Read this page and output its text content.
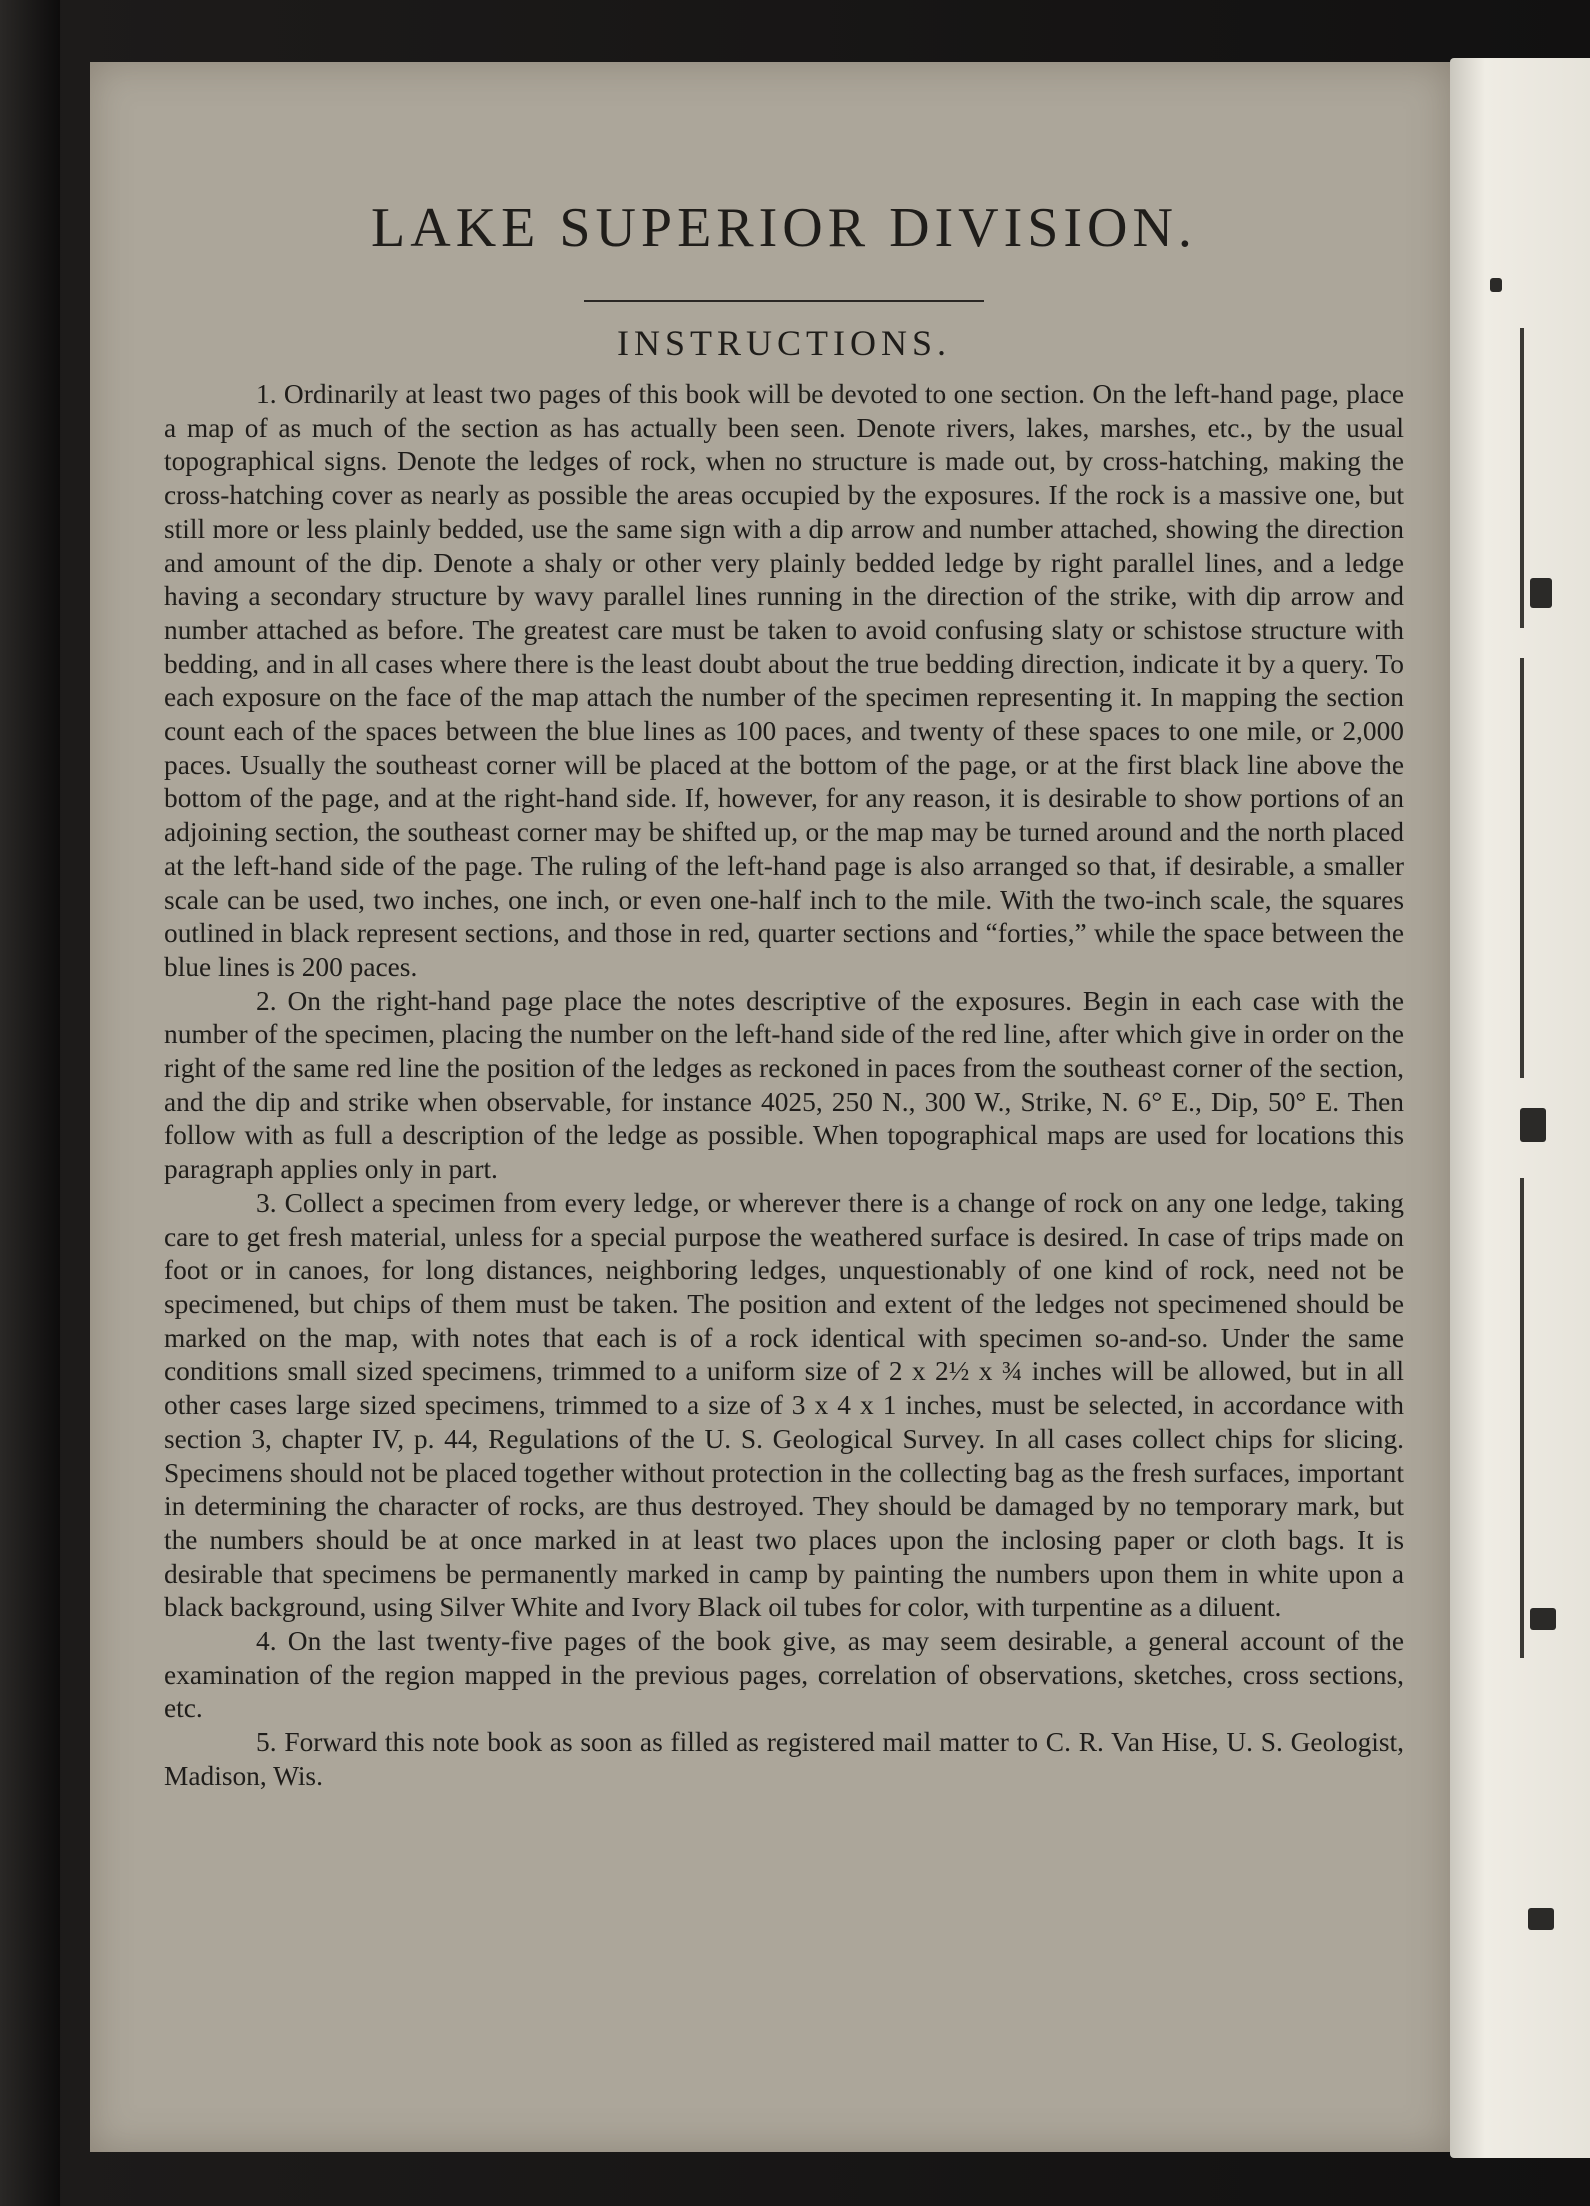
LAKE SUPERIOR DIVISION.
INSTRUCTIONS.

1. Ordinarily at least two pages of this book will be devoted to one section. On the left-hand page, place a map of as much of the section as has actually been seen. Denote rivers, lakes, marshes, etc., by the usual topographical signs. Denote the ledges of rock, when no structure is made out, by cross-hatching, making the cross-hatching cover as nearly as possible the areas occupied by the exposures. If the rock is a massive one, but still more or less plainly bedded, use the same sign with a dip arrow and number attached, showing the direction and amount of the dip. Denote a shaly or other very plainly bedded ledge by right parallel lines, and a ledge having a secondary structure by wavy parallel lines running in the direction of the strike, with dip arrow and number attached as before. The greatest care must be taken to avoid confusing slaty or schistose structure with bedding, and in all cases where there is the least doubt about the true bedding direction, indicate it by a query. To each exposure on the face of the map attach the number of the specimen representing it. In mapping the section count each of the spaces between the blue lines as 100 paces, and twenty of these spaces to one mile, or 2,000 paces. Usually the southeast corner will be placed at the bottom of the page, or at the first black line above the bottom of the page, and at the right-hand side. If, however, for any reason, it is desirable to show portions of an adjoining section, the southeast corner may be shifted up, or the map may be turned around and the north placed at the left-hand side of the page. The ruling of the left-hand page is also arranged so that, if desirable, a smaller scale can be used, two inches, one inch, or even one-half inch to the mile. With the two-inch scale, the squares outlined in black represent sections, and those in red, quarter sections and “forties,” while the space between the blue lines is 200 paces.

2. On the right-hand page place the notes descriptive of the exposures. Begin in each case with the number of the specimen, placing the number on the left-hand side of the red line, after which give in order on the right of the same red line the position of the ledges as reckoned in paces from the southeast corner of the section, and the dip and strike when observable, for instance 4025, 250 N., 300 W., Strike, N. 6° E., Dip, 50° E. Then follow with as full a description of the ledge as possible. When topographical maps are used for locations this paragraph applies only in part.

3. Collect a specimen from every ledge, or wherever there is a change of rock on any one ledge, taking care to get fresh material, unless for a special purpose the weathered surface is desired. In case of trips made on foot or in canoes, for long distances, neighboring ledges, unquestionably of one kind of rock, need not be specimened, but chips of them must be taken. The position and extent of the ledges not specimened should be marked on the map, with notes that each is of a rock identical with specimen so-and-so. Under the same conditions small sized specimens, trimmed to a uniform size of 2 x 2½ x ¾ inches will be allowed, but in all other cases large sized specimens, trimmed to a size of 3 x 4 x 1 inches, must be selected, in accordance with section 3, chapter IV, p. 44, Regulations of the U. S. Geological Survey. In all cases collect chips for slicing. Specimens should not be placed together without protection in the collecting bag as the fresh surfaces, important in determining the character of rocks, are thus destroyed. They should be damaged by no temporary mark, but the numbers should be at once marked in at least two places upon the inclosing paper or cloth bags. It is desirable that specimens be permanently marked in camp by painting the numbers upon them in white upon a black background, using Silver White and Ivory Black oil tubes for color, with turpentine as a diluent.

4. On the last twenty-five pages of the book give, as may seem desirable, a general account of the examination of the region mapped in the previous pages, correlation of observations, sketches, cross sections, etc.

5. Forward this note book as soon as filled as registered mail matter to C. R. Van Hise, U. S. Geologist, Madison, Wis.
